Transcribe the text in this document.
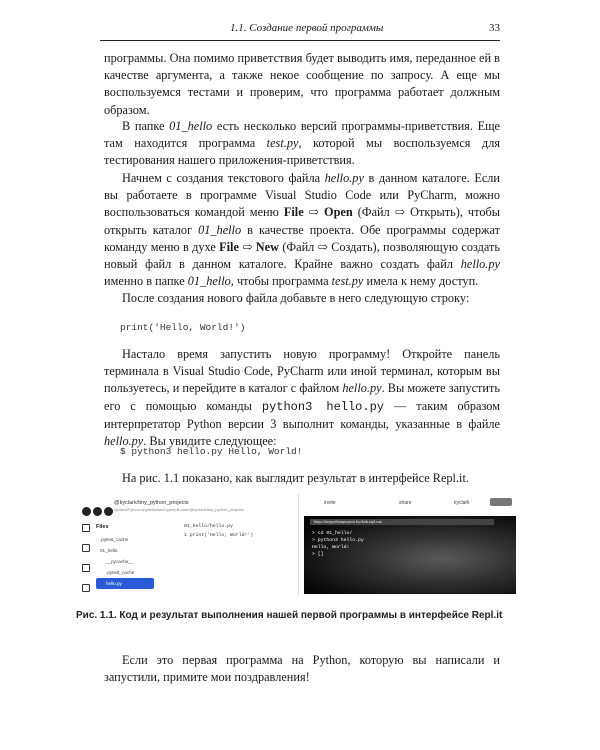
1.1. Создание первой программы	33

программы. Она помимо приветствия будет выводить имя, переданное ей в качестве аргумента, а также некое сообщение по запросу. А еще мы воспользуемся тестами и проверим, что программа работает должным образом.

В папке 01_hello есть несколько версий программы-приветствия. Еще там находится программа test.py, которой мы воспользуемся для тестирования нашего приложения-приветствия.

Начнем с создания текстового файла hello.py в данном каталоге. Если вы работаете в программе Visual Studio Code или PyCharm, можно воспользоваться командой меню File ⇨ Open (Файл ⇨ Открыть), чтобы открыть каталог 01_hello в качестве проекта. Обе программы содержат команду меню в духе File ⇨ New (Файл ⇨ Создать), позволяющую создать новый файл в данном каталоге. Крайне важно создать файл hello.py именно в папке 01_hello, чтобы программа test.py имела к нему доступ.

После создания нового файла добавьте в него следующую строку:

print('Hello, World!')

Настало время запустить новую программу! Откройте панель терминала в Visual Studio Code, PyCharm или иной терминал, которым вы пользуетесь, и перейдите в каталог с файлом hello.py. Вы можете запустить его с помощью команды python3 hello.py — таким образом интерпретатор Python версии 3 выполнит команды, указанные в файле hello.py. Вы увидите следующее:

$ python3 hello.py Hello, World!

На рис. 1.1 показано, как выглядит результат в интерфейсе Repl.it.

@kyclark/tiny_python_projects
kyclark/Python-tinyhelloworld.pyreplit.com/@kyclark/tiny_python_projects
Files
.pytest_cache
01_hello
__pycache__
.pytest_cache
hello.py
01_hello/hello.py
1 print('Hello, World!')
invite	share	kyclark
https://tinypythonprojects.kyclark.repl.run
> cd 01_hello/
> python3 hello.py
Hello, World!
> []
Рис. 1.1. Код и результат выполнения нашей первой программы в интерфейсе Repl.it

Если это первая программа на Python, которую вы написали и запустили, примите мои поздравления!
